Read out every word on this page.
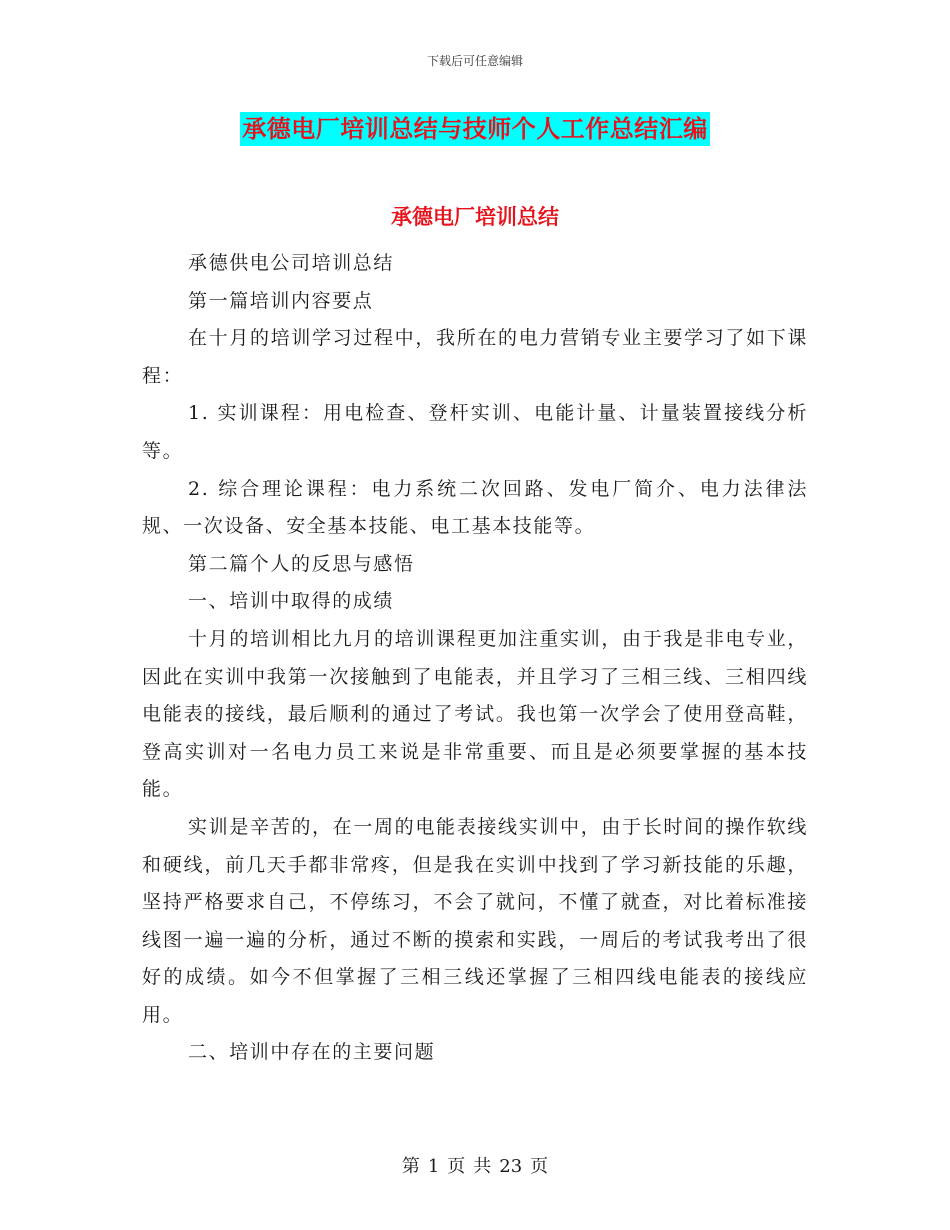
下载后可任意编辑
承德电厂培训总结与技师个人工作总结汇编
承德电厂培训总结

承德供电公司培训总结

第一篇培训内容要点

在十月的培训学习过程中，我所在的电力营销专业主要学习了如下课程：

1. 实训课程：用电检查、登杆实训、电能计量、计量装置接线分析等。

2. 综合理论课程：电力系统二次回路、发电厂简介、电力法律法规、一次设备、安全基本技能、电工基本技能等。

第二篇个人的反思与感悟

一、培训中取得的成绩

十月的培训相比九月的培训课程更加注重实训，由于我是非电专业，因此在实训中我第一次接触到了电能表，并且学习了三相三线、三相四线电能表的接线，最后顺利的通过了考试。我也第一次学会了使用登高鞋，登高实训对一名电力员工来说是非常重要、而且是必须要掌握的基本技能。

实训是辛苦的，在一周的电能表接线实训中，由于长时间的操作软线和硬线，前几天手都非常疼，但是我在实训中找到了学习新技能的乐趣，坚持严格要求自己，不停练习，不会了就问，不懂了就查，对比着标准接线图一遍一遍的分析，通过不断的摸索和实践，一周后的考试我考出了很好的成绩。如今不但掌握了三相三线还掌握了三相四线电能表的接线应用。

二、培训中存在的主要问题

第 1 页 共 23 页
